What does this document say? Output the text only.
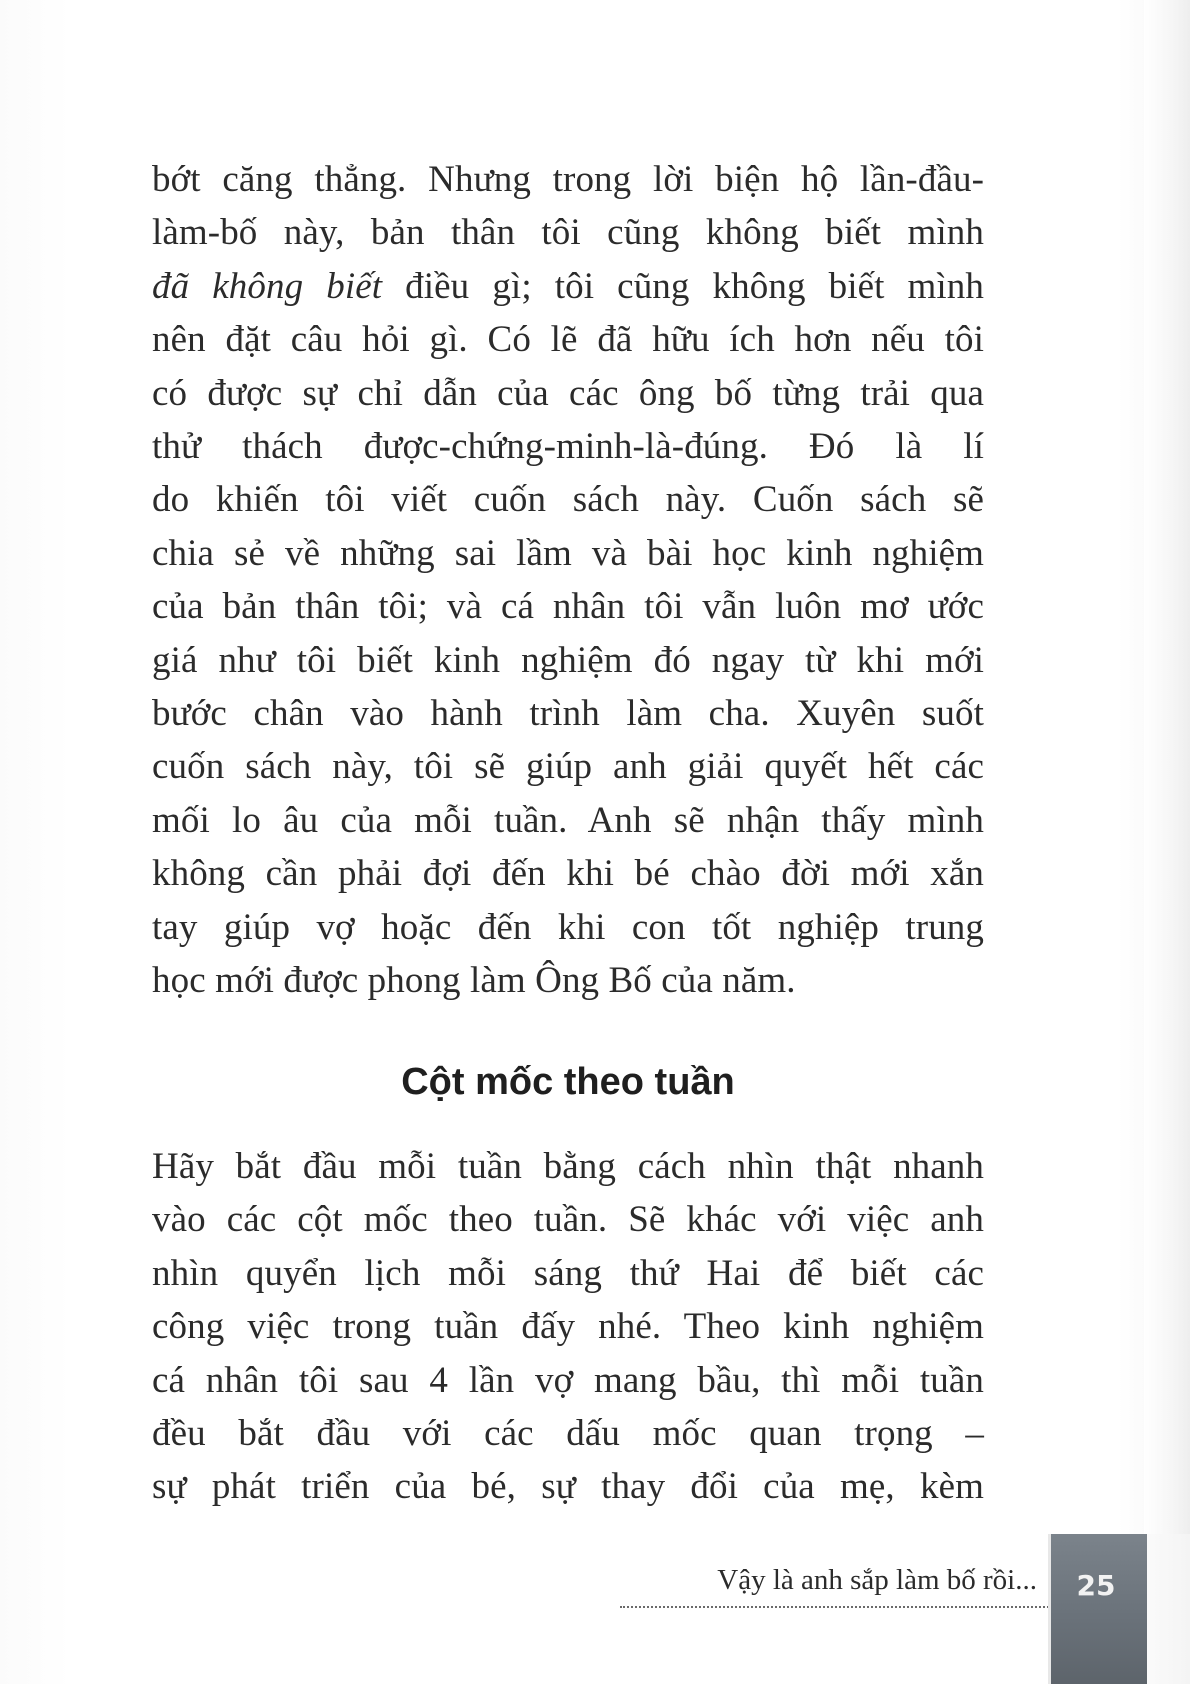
bớt căng thẳng. Nhưng trong lời biện hộ lần-đầu-
làm-bố này, bản thân tôi cũng không biết mình
đã không biết điều gì; tôi cũng không biết mình
nên đặt câu hỏi gì. Có lẽ đã hữu ích hơn nếu tôi
có được sự chỉ dẫn của các ông bố từng trải qua
thử thách được-chứng-minh-là-đúng. Đó là lí
do khiến tôi viết cuốn sách này. Cuốn sách sẽ
chia sẻ về những sai lầm và bài học kinh nghiệm
của bản thân tôi; và cá nhân tôi vẫn luôn mơ ước
giá như tôi biết kinh nghiệm đó ngay từ khi mới
bước chân vào hành trình làm cha. Xuyên suốt
cuốn sách này, tôi sẽ giúp anh giải quyết hết các
mối lo âu của mỗi tuần. Anh sẽ nhận thấy mình
không cần phải đợi đến khi bé chào đời mới xắn
tay giúp vợ hoặc đến khi con tốt nghiệp trung
học mới được phong làm Ông Bố của năm.
Cột mốc theo tuần
Hãy bắt đầu mỗi tuần bằng cách nhìn thật nhanh
vào các cột mốc theo tuần. Sẽ khác với việc anh
nhìn quyển lịch mỗi sáng thứ Hai để biết các
công việc trong tuần đấy nhé. Theo kinh nghiệm
cá nhân tôi sau 4 lần vợ mang bầu, thì mỗi tuần
đều bắt đầu với các dấu mốc quan trọng –
sự phát triển của bé, sự thay đổi của mẹ, kèm
Vậy là anh sắp làm bố rồi...	25
